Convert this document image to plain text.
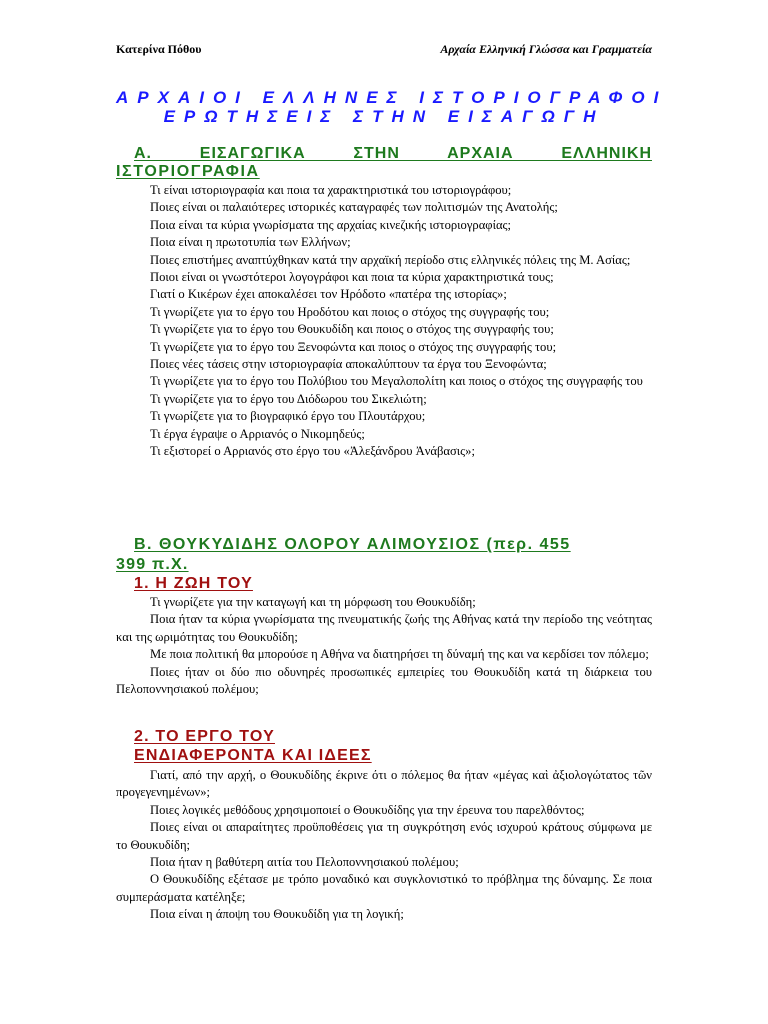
Κατερίνα Πόθου	Αρχαία Ελληνική Γλώσσα και Γραμματεία
ΑΡΧΑΙΟΙ ΕΛΛΗΝΕΣ ΙΣΤΟΡΙΟΓΡΑΦΟΙ
ΕΡΩΤΗΣΕΙΣ ΣΤΗΝ ΕΙΣΑΓΩΓΗ
Α. ΕΙΣΑΓΩΓΙΚΑ ΣΤΗΝ ΑΡΧΑΙΑ ΕΛΛΗΝΙΚΗ
ΙΣΤΟΡΙΟΓΡΑΦΙΑ
Τι είναι ιστοριογραφία και ποια τα χαρακτηριστικά του ιστοριογράφου;
Ποιες είναι οι παλαιότερες ιστορικές καταγραφές των πολιτισμών της Ανατολής;
Ποια είναι τα κύρια γνωρίσματα της αρχαίας κινεζικής ιστοριογραφίας;
Ποια είναι η πρωτοτυπία των Ελλήνων;
Ποιες επιστήμες αναπτύχθηκαν κατά την αρχαϊκή περίοδο στις ελληνικές πόλεις της Μ. Ασίας;
Ποιοι είναι οι γνωστότεροι λογογράφοι και ποια τα κύρια χαρακτηριστικά τους;
Γιατί ο Κικέρων έχει αποκαλέσει τον Ηρόδοτο «πατέρα της ιστορίας»;
Τι γνωρίζετε για το έργο του Ηροδότου και ποιος ο στόχος της συγγραφής του;
Τι γνωρίζετε για το έργο του Θουκυδίδη και ποιος ο στόχος της συγγραφής του;
Τι γνωρίζετε για το έργο του Ξενοφώντα και ποιος ο στόχος της συγγραφής του;
Ποιες νέες τάσεις στην ιστοριογραφία αποκαλύπτουν τα έργα του Ξενοφώντα;
Τι γνωρίζετε για το έργο του Πολύβιου του Μεγαλοπολίτη και ποιος ο στόχος της συγγραφής του
Τι γνωρίζετε για το έργο του Διόδωρου του Σικελιώτη;
Τι γνωρίζετε για το βιογραφικό έργο του Πλουτάρχου;
Τι έργα έγραψε ο Αρριανός ο Νικομηδεύς;
Τι εξιστορεί ο Αρριανός στο έργο του «Ἀλεξάνδρου Ἀνάβασις»;
Β. ΘΟΥΚΥΔΙΔΗΣ ΟΛΟΡΟΥ ΑΛΙΜΟΥΣΙΟΣ (περ. 455
399 π.Χ.
1. Η ΖΩΗ ΤΟΥ
Τι γνωρίζετε για την καταγωγή και τη μόρφωση του Θουκυδίδη;
Ποια ήταν τα κύρια γνωρίσματα της πνευματικής ζωής της Αθήνας κατά την περίοδο της νεότητας και της ωριμότητας του Θουκυδίδη;
Με ποια πολιτική θα μπορούσε η Αθήνα να διατηρήσει τη δύναμή της και να κερδίσει τον πόλεμο;
Ποιες ήταν οι δύο πιο οδυνηρές προσωπικές εμπειρίες του Θουκυδίδη κατά τη διάρκεια του Πελοποννησιακού πολέμου;
2. ΤΟ ΕΡΓΟ ΤΟΥ
ΕΝΔΙΑΦΕΡΟΝΤΑ ΚΑΙ ΙΔΕΕΣ
Γιατί, από την αρχή, ο Θουκυδίδης έκρινε ότι ο πόλεμος θα ήταν «μέγας καὶ ἀξιολογώτατος τῶν προγεγενημένων»;
Ποιες λογικές μεθόδους χρησιμοποιεί ο Θουκυδίδης για την έρευνα του παρελθόντος;
Ποιες είναι οι απαραίτητες προϋποθέσεις για τη συγκρότηση ενός ισχυρού κράτους σύμφωνα με το Θουκυδίδη;
Ποια ήταν η βαθύτερη αιτία του Πελοποννησιακού πολέμου;
Ο Θουκυδίδης εξέτασε με τρόπο μοναδικό και συγκλονιστικό το πρόβλημα της δύναμης. Σε ποια συμπεράσματα κατέληξε;
Ποια είναι η άποψη του Θουκυδίδη για τη λογική;
